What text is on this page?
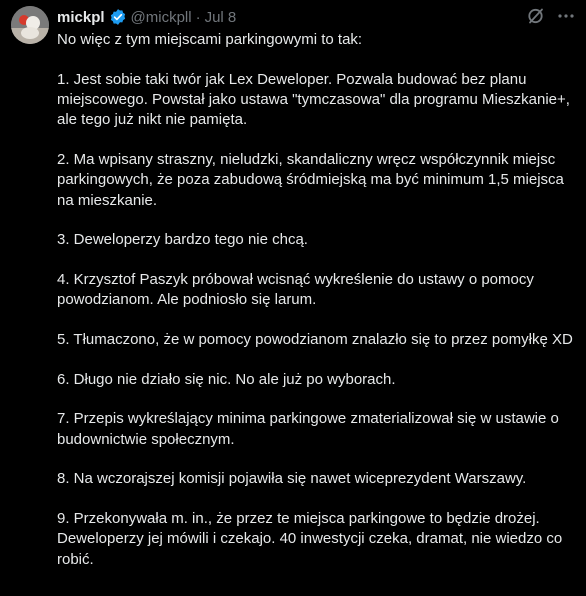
mickpl @mickpll · Jul 8

No więc z tym miejscami parkingowymi to tak:

1. Jest sobie taki twór jak Lex Deweloper. Pozwala budować bez planu miejscowego. Powstał jako ustawa "tymczasowa" dla programu Mieszkanie+, ale tego już nikt nie pamięta.

2. Ma wpisany straszny, nieludzki, skandaliczny wręcz współczynnik miejsc parkingowych, że poza zabudową śródmiejską ma być minimum 1,5 miejsca na mieszkanie.

3. Deweloperzy bardzo tego nie chcą.

4. Krzysztof Paszyk próbował wcisnąć wykreślenie do ustawy o pomocy powodzianom. Ale podniosło się larum.

5. Tłumaczono, że w pomocy powodzianom znalazło się to przez pomyłkę XD

6. Długo nie działo się nic. No ale już po wyborach.

7. Przepis wykreślający minima parkingowe zmaterializował się w ustawie o budownictwie społecznym.

8. Na wczorajszej komisji pojawiła się nawet wiceprezydent Warszawy.

9. Przekonywała m. in., że przez te miejsca parkingowe to będzie drożej. Deweloperzy jej mówili i czekajo. 40 inwestycji czeka, dramat, nie wiedzo co robić.
